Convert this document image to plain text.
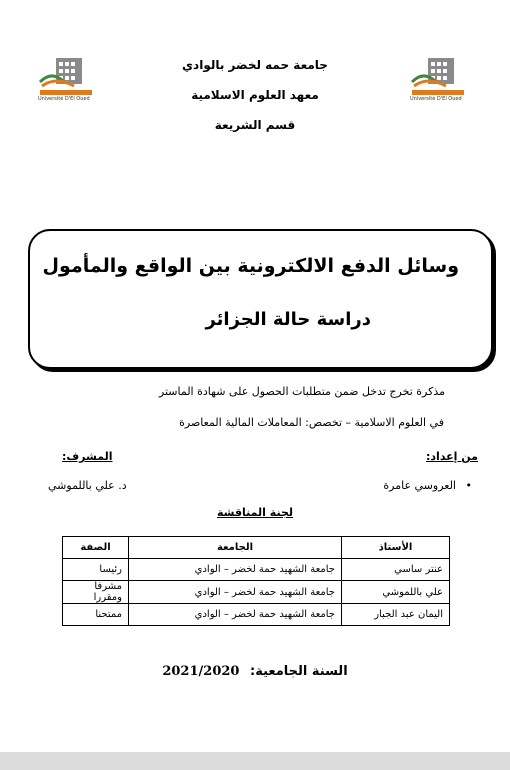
Université D'El Oued	Université D'El Oued
جامعة حمه لخضر بالوادي
معهد العلوم الاسلامية
قسم الشريعة
وسائل الدفع الالكترونية بين الواقع والمأمول
دراسة حالة الجزائر
مذكرة تخرج تدخل ضمن متطلبات الحصول على شهادة الماستر
في العلوم الاسلامية – تخصص: المعاملات المالية المعاصرة
من إعداد:
المشرف:
• العروسي عامرة
د. علي باللموشي
لجنة المناقشة
الأستاذ	الجامعة	الصفة
عنتر ساسي	جامعة الشهيد حمة لخضر – الوادي	رئيسا
علي باللموشي	جامعة الشهيد حمة لخضر – الوادي	مشرفا ومقررا
اليمان عبد الجبار	جامعة الشهيد حمة لخضر – الوادي	ممتحنا
السنة الجامعية: 2021/2020
